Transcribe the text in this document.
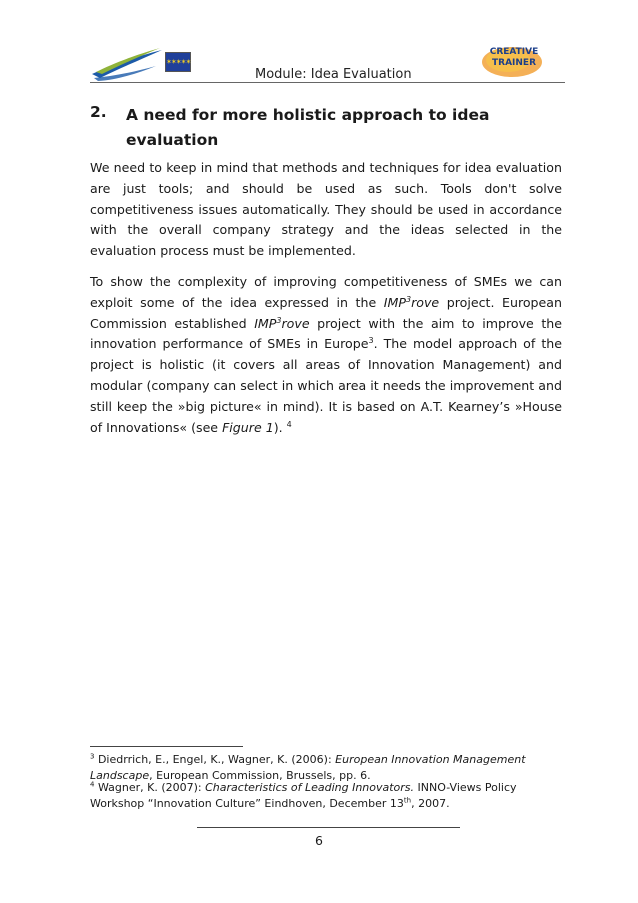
✶✶✶✶✶
Module: Idea Evaluation
CREATIVE
TRAINER
2. A need for more holistic approach to idea evaluation
We need to keep in mind that methods and techniques for idea evaluation are just tools; and should be used as such. Tools don't solve competitiveness issues automatically. They should be used in accordance with the overall company strategy and the ideas selected in the evaluation process must be implemented.
To show the complexity of improving competitiveness of SMEs we can exploit some of the idea expressed in the IMP$^3$rove project. European Commission established IMP$^3$rove project with the aim to improve the innovation performance of SMEs in Europe$^3$. The model approach of the project is holistic (it covers all areas of Innovation Management) and modular (company can select in which area it needs the improvement and still keep the »big picture« in mind). It is based on A.T. Kearney’s »House of Innovations« (see Figure 1). $^4$
$^3$ Diedrrich, E., Engel, K., Wagner, K. (2006): European Innovation Management Landscape, European Commission, Brussels, pp. 6.
$^4$ Wagner, K. (2007): Characteristics of Leading Innovators. INNO-Views Policy Workshop “Innovation Culture” Eindhoven, December 13th, 2007.
6
